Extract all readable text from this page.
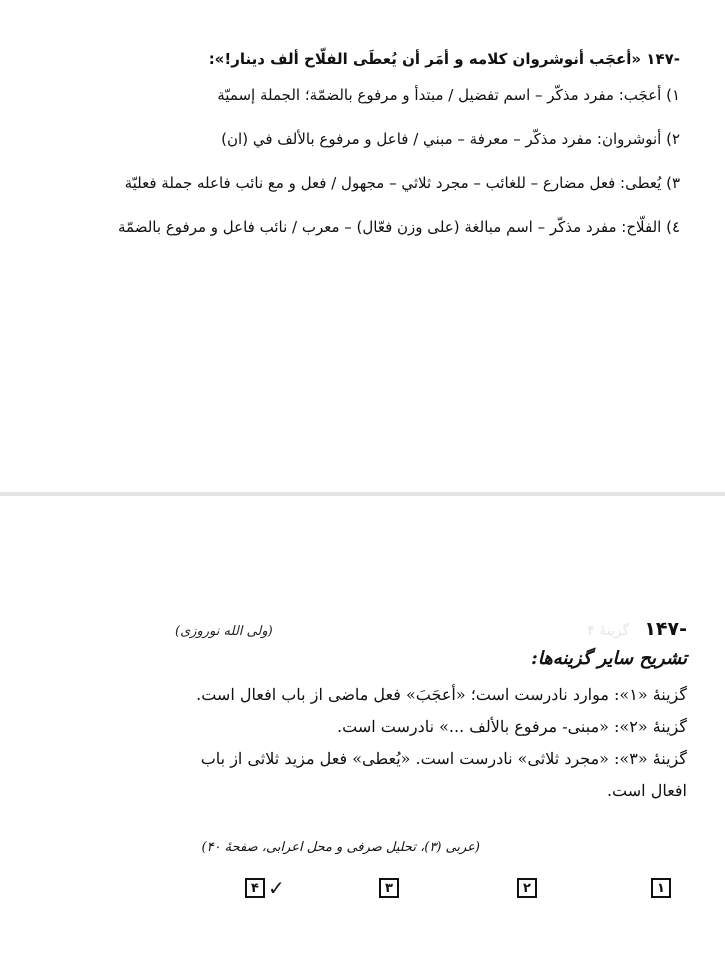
-۱۴۷ «أعجَب أنوشروان کلامه و أمَر أن يُعطَی الفلّاح ألف دينار!»:

۱) أعجَب: مفرد مذکّر – اسم تفضيل / مبتدأ و مرفوع بالضمّة؛ الجملة إسميّة

۲) أنوشروان: مفرد مذکّر – معرفة – مبني / فاعل و مرفوع بالألف في (ان)

۳) يُعطی: فعل مضارع – للغائب – مجرد ثلاثي – مجهول / فعل و مع نائب فاعله جملة فعليّة

٤) الفلّاح: مفرد مذکّر – اسم مبالغة (علی وزن فعّال) – معرب / نائب فاعل و مرفوع بالضمّة

-۱۴۷ گزینهٔ ۴
(ولی الله نوروزی)
تشریح سایر گزینه‌ها:
گزینهٔ «۱»: موارد نادرست است؛ «أعجَبَ» فعل ماضی از باب افعال است.
گزینهٔ «۲»: «مبنی- مرفوع بالألف ...» نادرست است.
گزینهٔ «۳»: «مجرد ثلاثی» نادرست است. «يُعطی» فعل مزید ثلاثی از باب
افعال است.
(عربی (۳)، تحلیل صرفی و محل اعرابی، صفحهٔ ۴۰)
۱
۲
۳
۴ ✓
